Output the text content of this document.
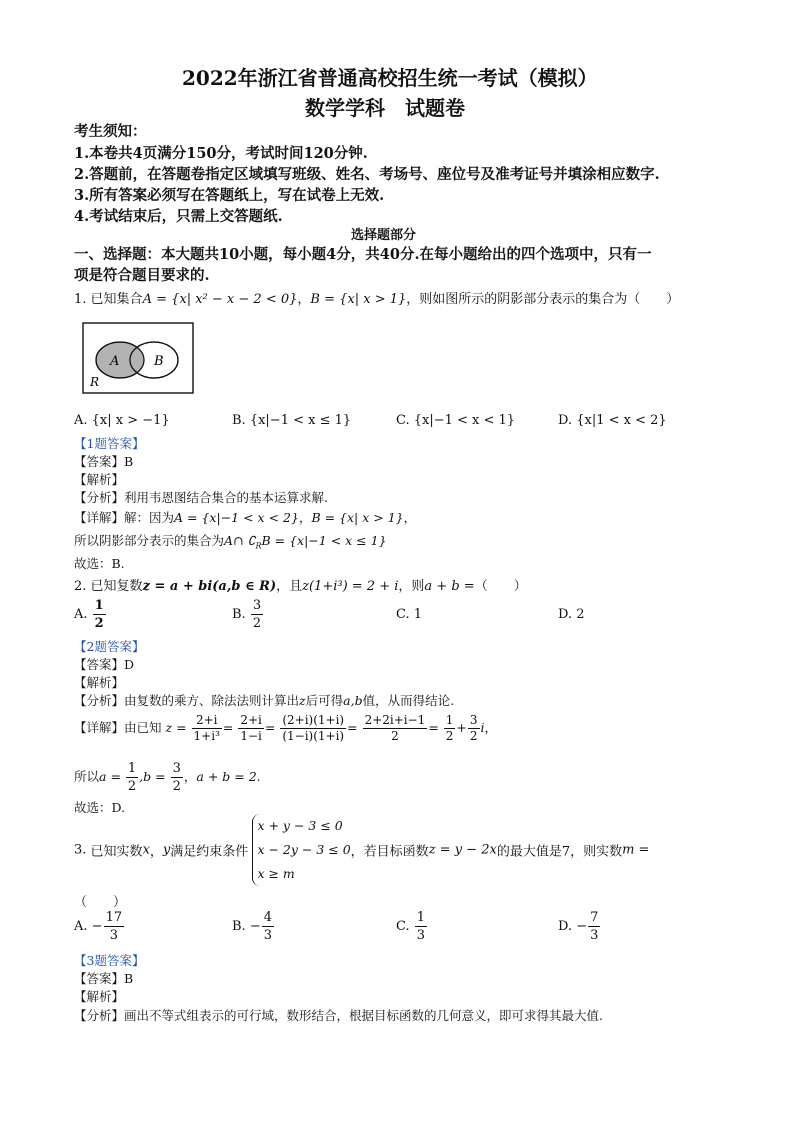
2022年浙江省普通高校招生统一考试（模拟）
数学学科　试题卷
考生须知：
1.本卷共4页满分150分，考试时间120分钟.
2.答题前，在答题卷指定区域填写班级、姓名、考场号、座位号及准考证号并填涂相应数字.
3.所有答案必须写在答题纸上，写在试卷上无效.
4.考试结束后，只需上交答题纸.
选择题部分
一、选择题：本大题共10小题，每小题4分，共40分.在每小题给出的四个选项中，只有一
项是符合题目要求的.
1. 已知集合A = {x| x² − x − 2 < 0}，B = {x| x > 1}，则如图所示的阴影部分表示的集合为（　　）
A	B
R
A. {x| x > −1}	B. {x|−1 < x ≤ 1}	C. {x|−1 < x < 1}	D. {x|1 < x < 2}
【1题答案】
【答案】B
【解析】
【分析】利用韦恩图结合集合的基本运算求解.
【详解】解：因为A = {x|−1 < x < 2}，B = {x| x > 1}，
所以阴影部分表示的集合为A∩ $∁_RB = \{x|-1 < x \le 1\}$
故选：B.
2. 已知复数z = a + bi(a,b ∈ R)，且z(1+i³) = 2 + i，则a + b =（　　）
A. $\frac{1}{2}$	B. $\frac{3}{2}$	C. 1	D. 2
【2题答案】
【答案】D
【解析】
【分析】由复数的乘方、除法法则计算出z后可得a,b值，从而得结论.
【详解】由已知 $z = \frac{2+i}{\text{1+i³}} = \frac{2+i}{1-i} = \frac{(2+i)(1+i)}{(1-i)(1+i)} = \frac{2+2i+i-1}{2} = \frac{1}{2} + \frac{3}{2}$ i，
所以$a = \frac{1}{2} ,b = \frac{3}{2}$ ，a + b = 2.
故选：D.
3. 已知实数x，y满足约束条件
x + y − 3 ≤ 0
x − 2y − 3 ≤ 0
x ≥ m
，若目标函数z = y − 2x的最大值是7，则实数m =
（　　）
A. − $\frac{17}{3}$	B. − $\frac{4}{3}$	C. $\frac{1}{3}$	D. − $\frac{7}{3}$
【3题答案】
【答案】B
【解析】
【分析】画出不等式组表示的可行域，数形结合，根据目标函数的几何意义，即可求得其最大值.
